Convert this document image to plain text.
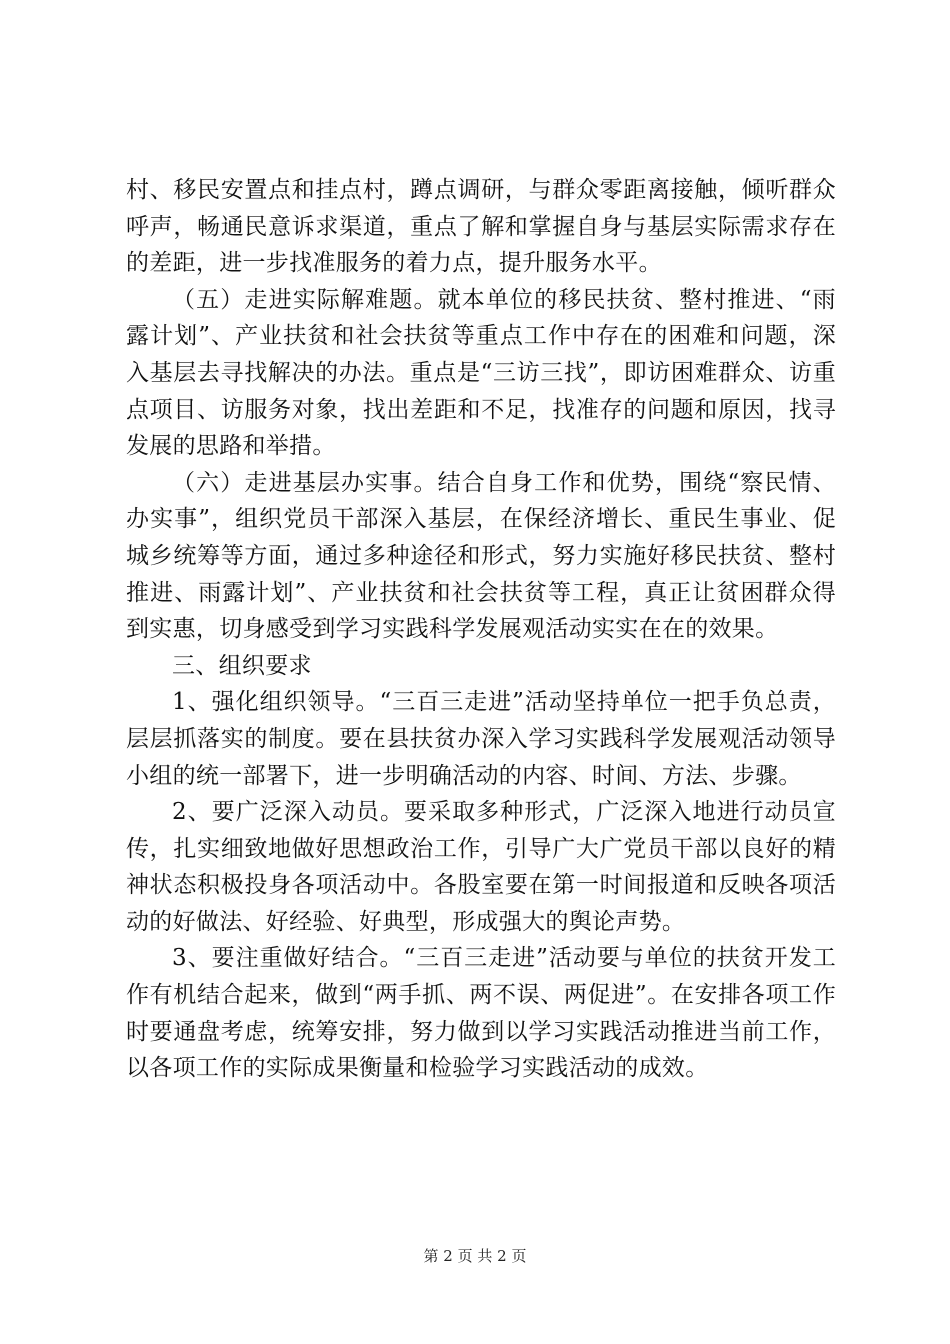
村、移民安置点和挂点村，蹲点调研，与群众零距离接触，倾听群众呼声，畅通民意诉求渠道，重点了解和掌握自身与基层实际需求存在的差距，进一步找准服务的着力点，提升服务水平。

（五）走进实际解难题。就本单位的移民扶贫、整村推进、“雨露计划”、产业扶贫和社会扶贫等重点工作中存在的困难和问题，深入基层去寻找解决的办法。重点是“三访三找”，即访困难群众、访重点项目、访服务对象，找出差距和不足，找准存的问题和原因，找寻发展的思路和举措。

（六）走进基层办实事。结合自身工作和优势，围绕“察民情、办实事”，组织党员干部深入基层，在保经济增长、重民生事业、促城乡统筹等方面，通过多种途径和形式，努力实施好移民扶贫、整村推进、雨露计划”、产业扶贫和社会扶贫等工程，真正让贫困群众得到实惠，切身感受到学习实践科学发展观活动实实在在的效果。

三、组织要求

1、强化组织领导。“三百三走进”活动坚持单位一把手负总责，层层抓落实的制度。要在县扶贫办深入学习实践科学发展观活动领导小组的统一部署下，进一步明确活动的内容、时间、方法、步骤。

2、要广泛深入动员。要采取多种形式，广泛深入地进行动员宣传，扎实细致地做好思想政治工作，引导广大广党员干部以良好的精神状态积极投身各项活动中。各股室要在第一时间报道和反映各项活动的好做法、好经验、好典型，形成强大的舆论声势。

3、要注重做好结合。“三百三走进”活动要与单位的扶贫开发工作有机结合起来，做到“两手抓、两不误、两促进”。在安排各项工作时要通盘考虑，统筹安排，努力做到以学习实践活动推进当前工作，以各项工作的实际成果衡量和检验学习实践活动的成效。

第 2 页 共 2 页
